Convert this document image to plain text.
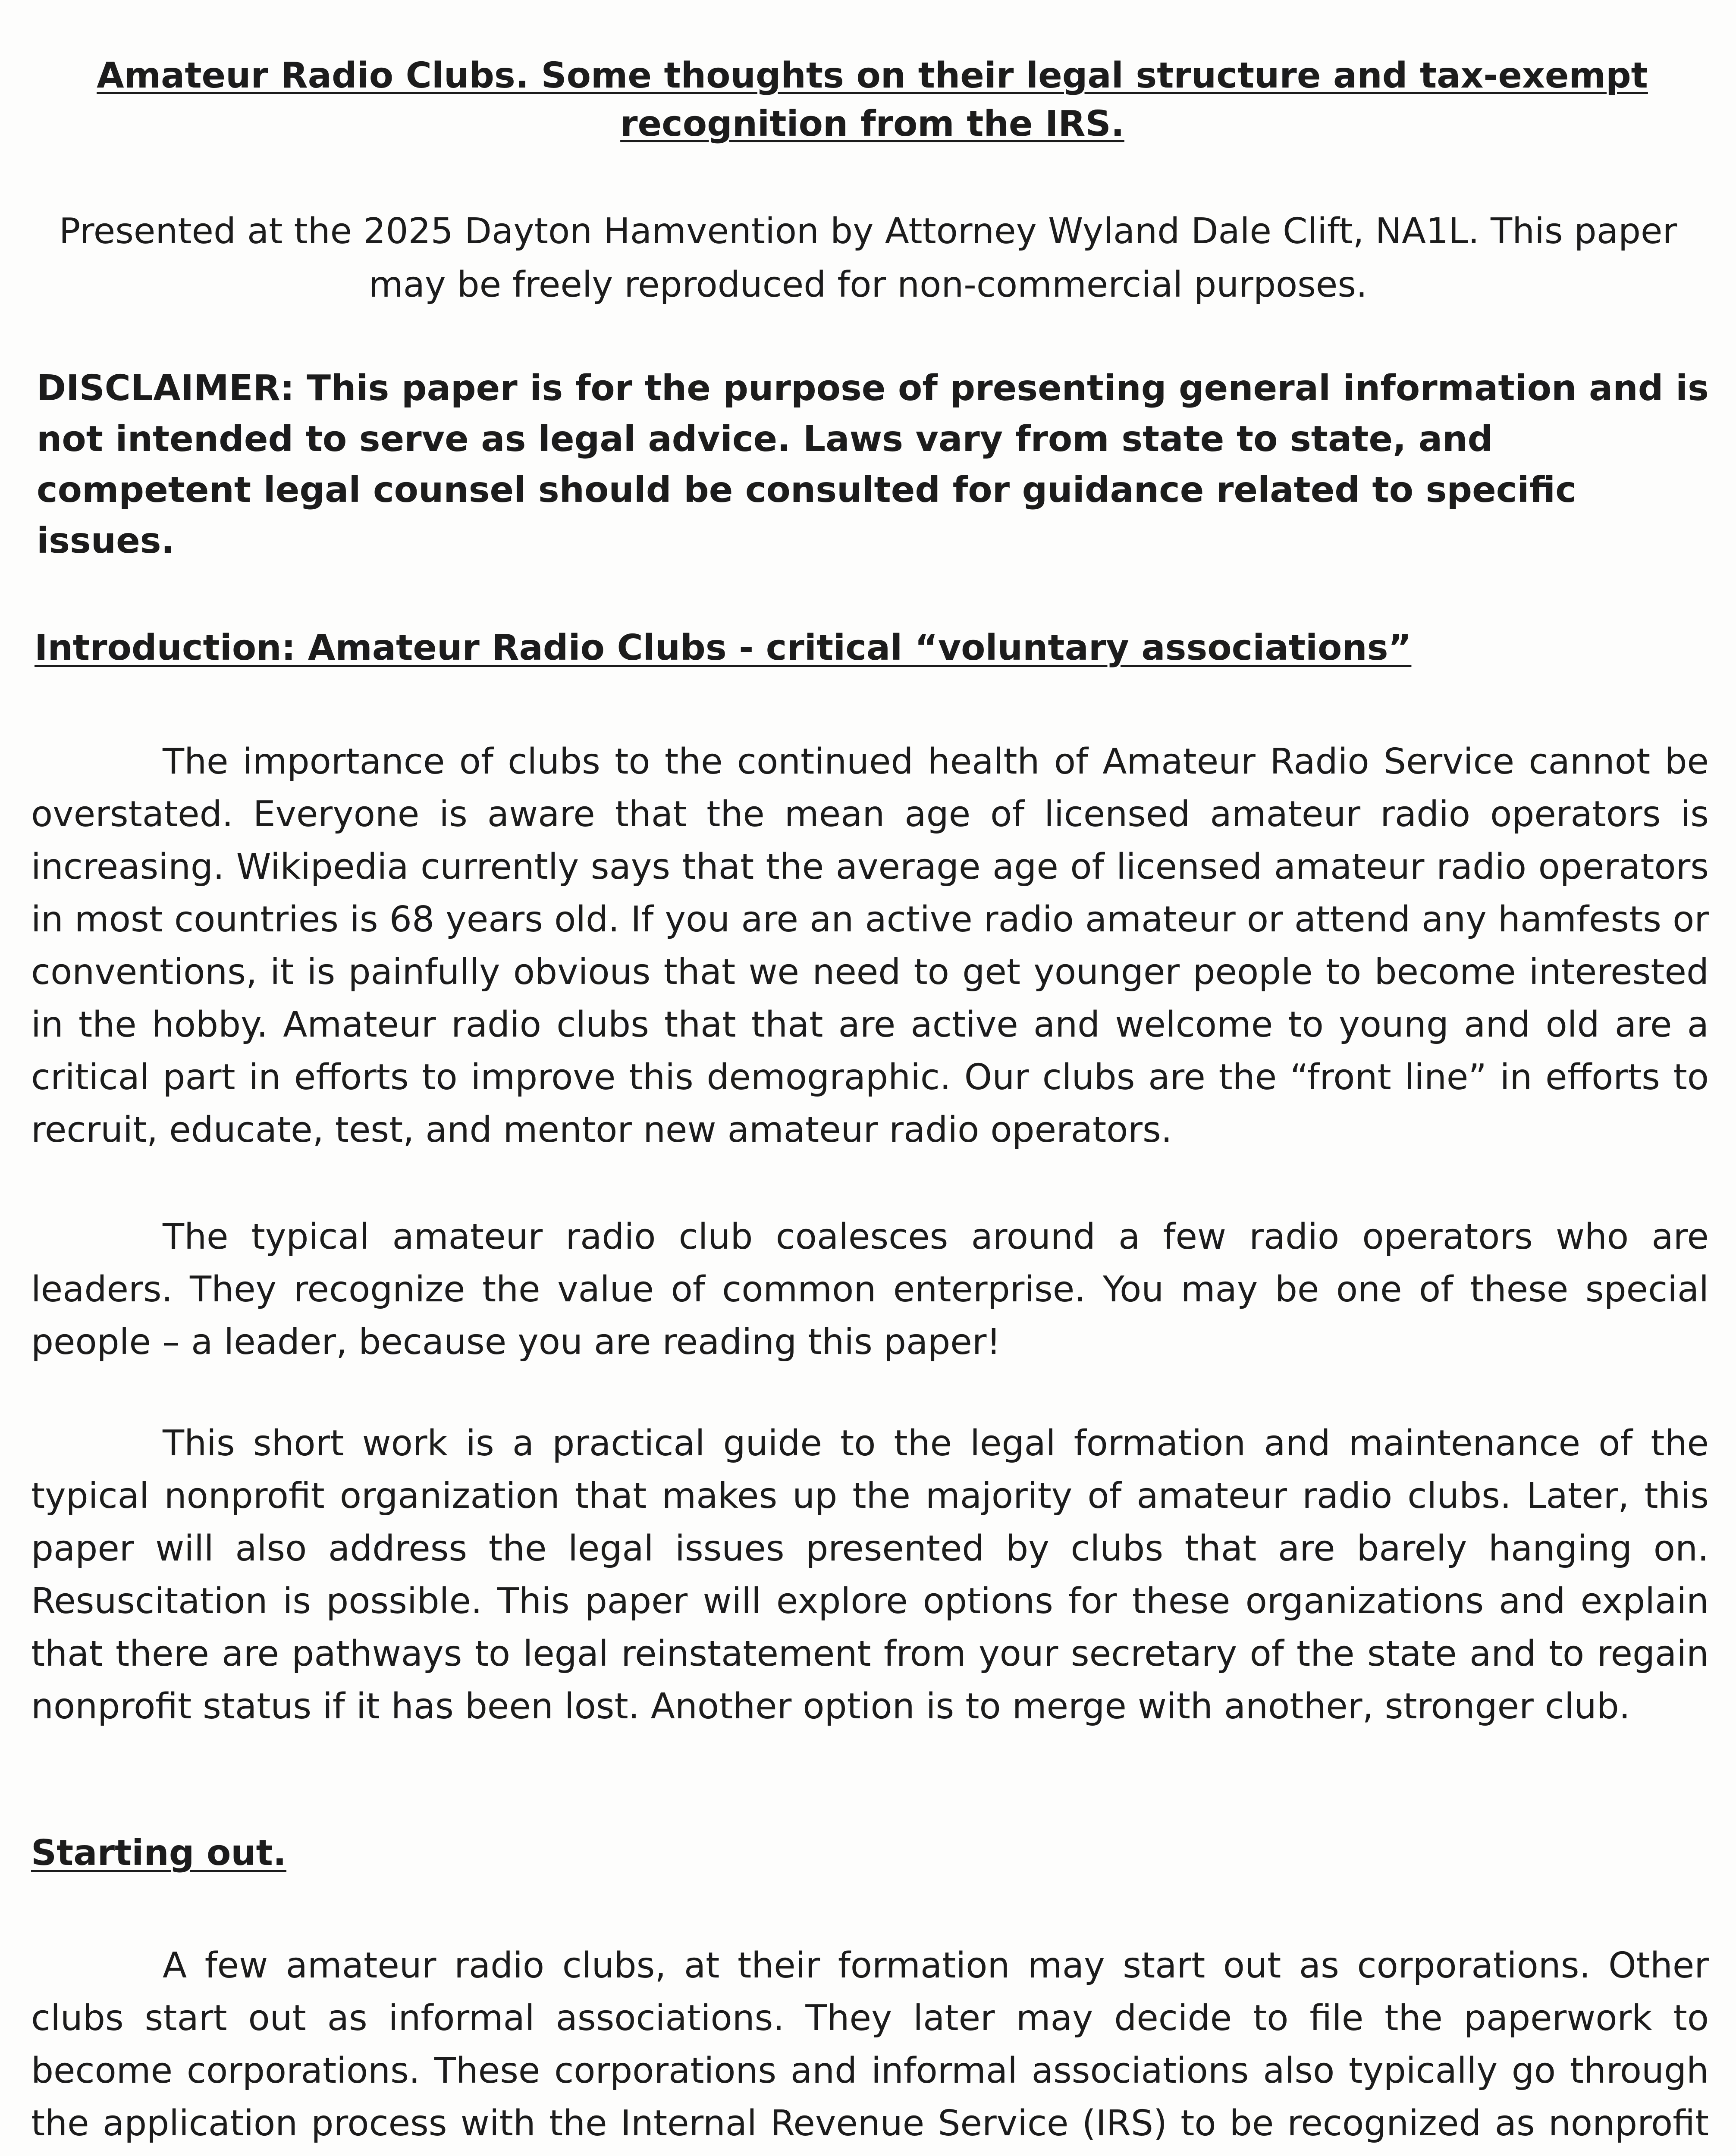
Amateur Radio Clubs. Some thoughts on their legal structure and tax-exempt recognition from the IRS.
Presented at the 2025 Dayton Hamvention by Attorney Wyland Dale Clift, NA1L. This paper may be freely reproduced for non-commercial purposes.
DISCLAIMER: This paper is for the purpose of presenting general information and is not intended to serve as legal advice. Laws vary from state to state, and competent legal counsel should be consulted for guidance related to specific issues.
Introduction: Amateur Radio Clubs - critical “voluntary associations”

The importance of clubs to the continued health of Amateur Radio Service cannot be overstated. Everyone is aware that the mean age of licensed amateur radio operators is increasing. Wikipedia currently says that the average age of licensed amateur radio operators in most countries is 68 years old. If you are an active radio amateur or attend any hamfests or conventions, it is painfully obvious that we need to get younger people to become interested in the hobby. Amateur radio clubs that that are active and welcome to young and old are a critical part in efforts to improve this demographic. Our clubs are the “front line” in efforts to recruit, educate, test, and mentor new amateur radio operators.

The typical amateur radio club coalesces around a few radio operators who are leaders. They recognize the value of common enterprise. You may be one of these special people – a leader, because you are reading this paper!

This short work is a practical guide to the legal formation and maintenance of the typical nonprofit organization that makes up the majority of amateur radio clubs. Later, this paper will also address the legal issues presented by clubs that are barely hanging on. Resuscitation is possible. This paper will explore options for these organizations and explain that there are pathways to legal reinstatement from your secretary of the state and to regain nonprofit status if it has been lost. Another option is to merge with another, stronger club.

Starting out.

A few amateur radio clubs, at their formation may start out as corporations. Other clubs start out as informal associations. They later may decide to file the paperwork to become corporations. These corporations and informal associations also typically go through the application process with the Internal Revenue Service (IRS) to be recognized as nonprofit
